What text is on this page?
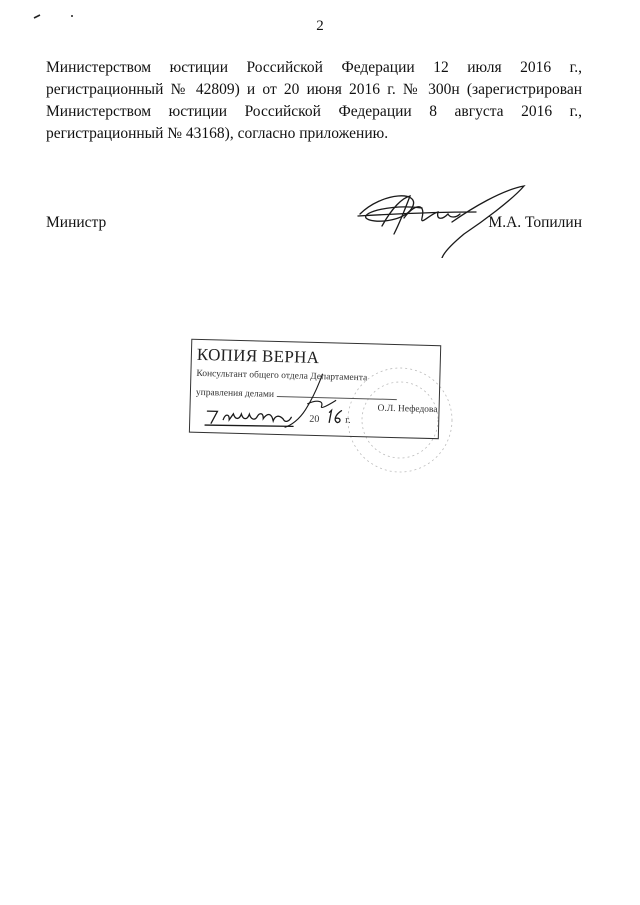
2
Министерством юстиции Российской Федерации 12 июля 2016 г.,
регистрационный № 42809) и от 20 июня 2016 г. № 300н (зарегистрирован
Министерством юстиции Российской Федерации 8 августа 2016 г.,
регистрационный № 43168), согласно приложению.
Министр	М.А. Топилин
КОПИЯ ВЕРНА
Консультант общего отдела Департамента
управления делами
О.Л. Нефедова
20	г.
